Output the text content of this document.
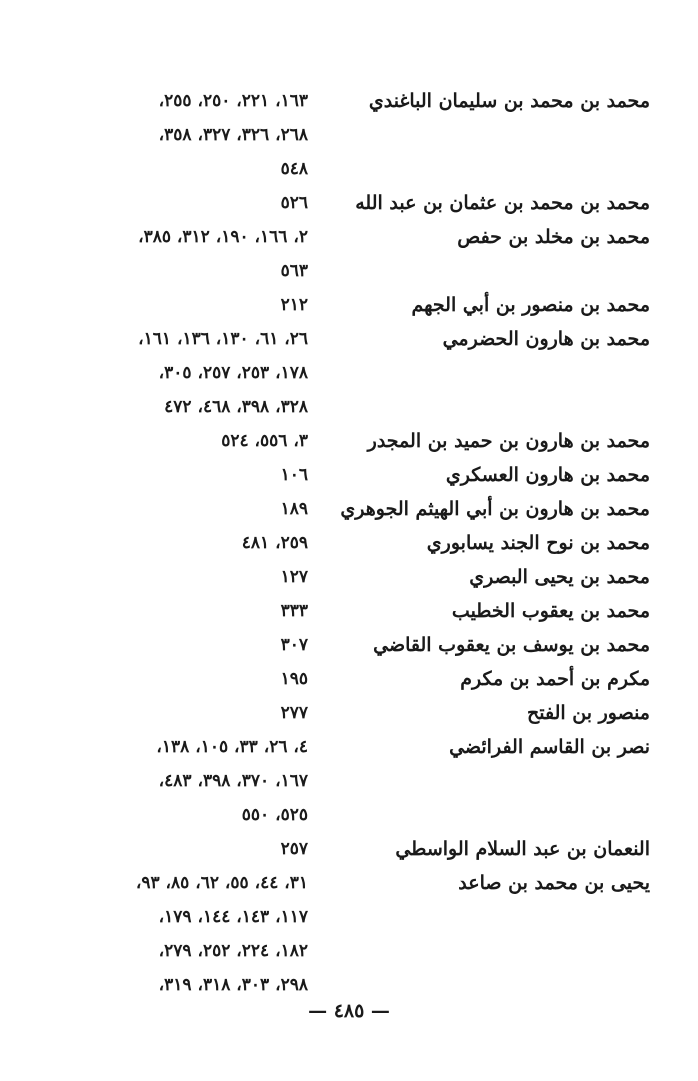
محمد بن محمد بن سليمان الباغندي
١٦٣، ٢٢١، ٢٥٠، ٢٥٥،
٢٦٨، ٣٢٦، ٣٢٧، ٣٥٨،
٥٤٨
محمد بن محمد بن عثمان بن عبد الله
٥٢٦
محمد بن مخلد بن حفص
٢، ١٦٦، ١٩٠، ٣١٢، ٣٨٥،
٥٦٣
محمد بن منصور بن أبي الجهم
٢١٢
محمد بن هارون الحضرمي
٢٦، ٦١، ١٣٠، ١٣٦، ١٦١،
١٧٨، ٢٥٣، ٢٥٧، ٣٠٥،
٣٢٨، ٣٩٨، ٤٦٨، ٤٧٢
محمد بن هارون بن حميد بن المجدر
٣، ٥٥٦، ٥٢٤
محمد بن هارون العسكري
١٠٦
محمد بن هارون بن أبي الهيثم الجوهري
١٨٩
محمد بن نوح الجند يسابوري
٢٥٩، ٤٨١
محمد بن يحيى البصري
١٢٧
محمد بن يعقوب الخطيب
٣٣٣
محمد بن يوسف بن يعقوب القاضي
٣٠٧
مكرم بن أحمد بن مكرم
١٩٥
منصور بن الفتح
٢٧٧
نصر بن القاسم الفرائضي
٤، ٢٦، ٣٣، ١٠٥، ١٣٨،
١٦٧، ٣٧٠، ٣٩٨، ٤٨٣،
٥٢٥، ٥٥٠
النعمان بن عبد السلام الواسطي
٢٥٧
يحيى بن محمد بن صاعد
٣١، ٤٤، ٥٥، ٦٢، ٨٥، ٩٣،
١١٧، ١٤٣، ١٤٤، ١٧٩،
١٨٢، ٢٢٤، ٢٥٢، ٢٧٩،
٢٩٨، ٣٠٣، ٣١٨، ٣١٩،
— ٤٨٥ —
